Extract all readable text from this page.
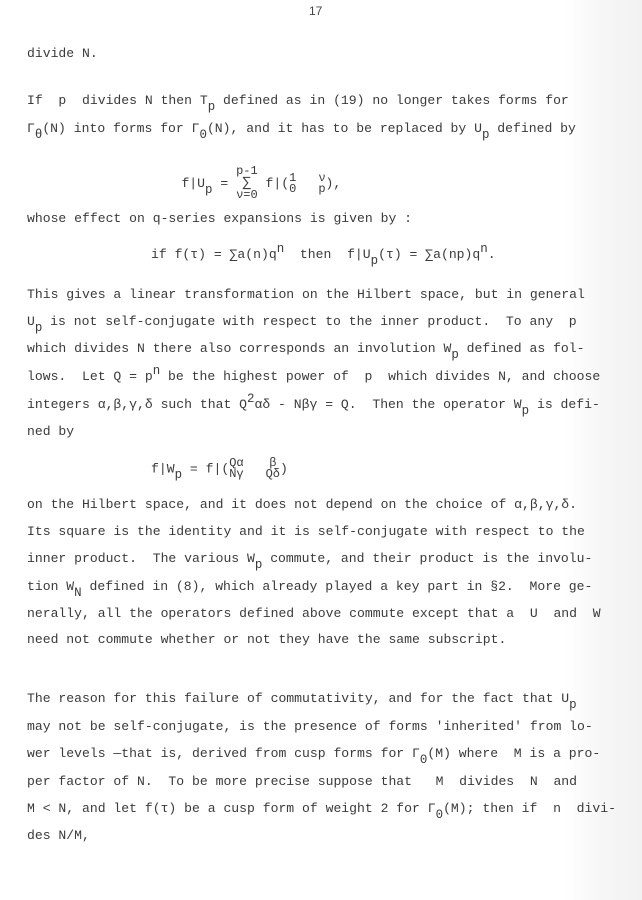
17
divide N.
If  p  divides N then Tp defined as in (19) no longer takes forms for
Γθ(N) into forms for Γ0(N), and it has to be replaced by Up defined by

f|Up =
p-1
∑
ν=0
f|( 1
0
ν
p ),

whose effect on q-series expansions is given by :
if f(τ) = ∑a(n)qn  then  f|Up(τ) = ∑a(np)qn.
This gives a linear transformation on the Hilbert space, but in general
Up is not self-conjugate with respect to the inner product.  To any  p
which divides N there also corresponds an involution Wp defined as fol-
lows.  Let Q = pn be the highest power of  p  which divides N, and choose
integers α,β,γ,δ such that Q2αδ - Nβγ = Q.  Then the operator Wp is defi-
ned by
f|Wp = f|( Qα
Nγ
β
Qδ )
on the Hilbert space, and it does not depend on the choice of α,β,γ,δ.
Its square is the identity and it is self-conjugate with respect to the
inner product.  The various Wp commute, and their product is the involu-
tion WN defined in (8), which already played a key part in §2.  More ge-
nerally, all the operators defined above commute except that a  U  and  W
need not commute whether or not they have the same subscript.
The reason for this failure of commutativity, and for the fact that Up
may not be self-conjugate, is the presence of forms 'inherited' from lo-
wer levels —that is, derived from cusp forms for Γ0(M) where  M is a pro-
per factor of N.  To be more precise suppose that   M  divides  N  and
M < N, and let f(τ) be a cusp form of weight 2 for Γ0(M); then if  n  divi-
des N/M,
